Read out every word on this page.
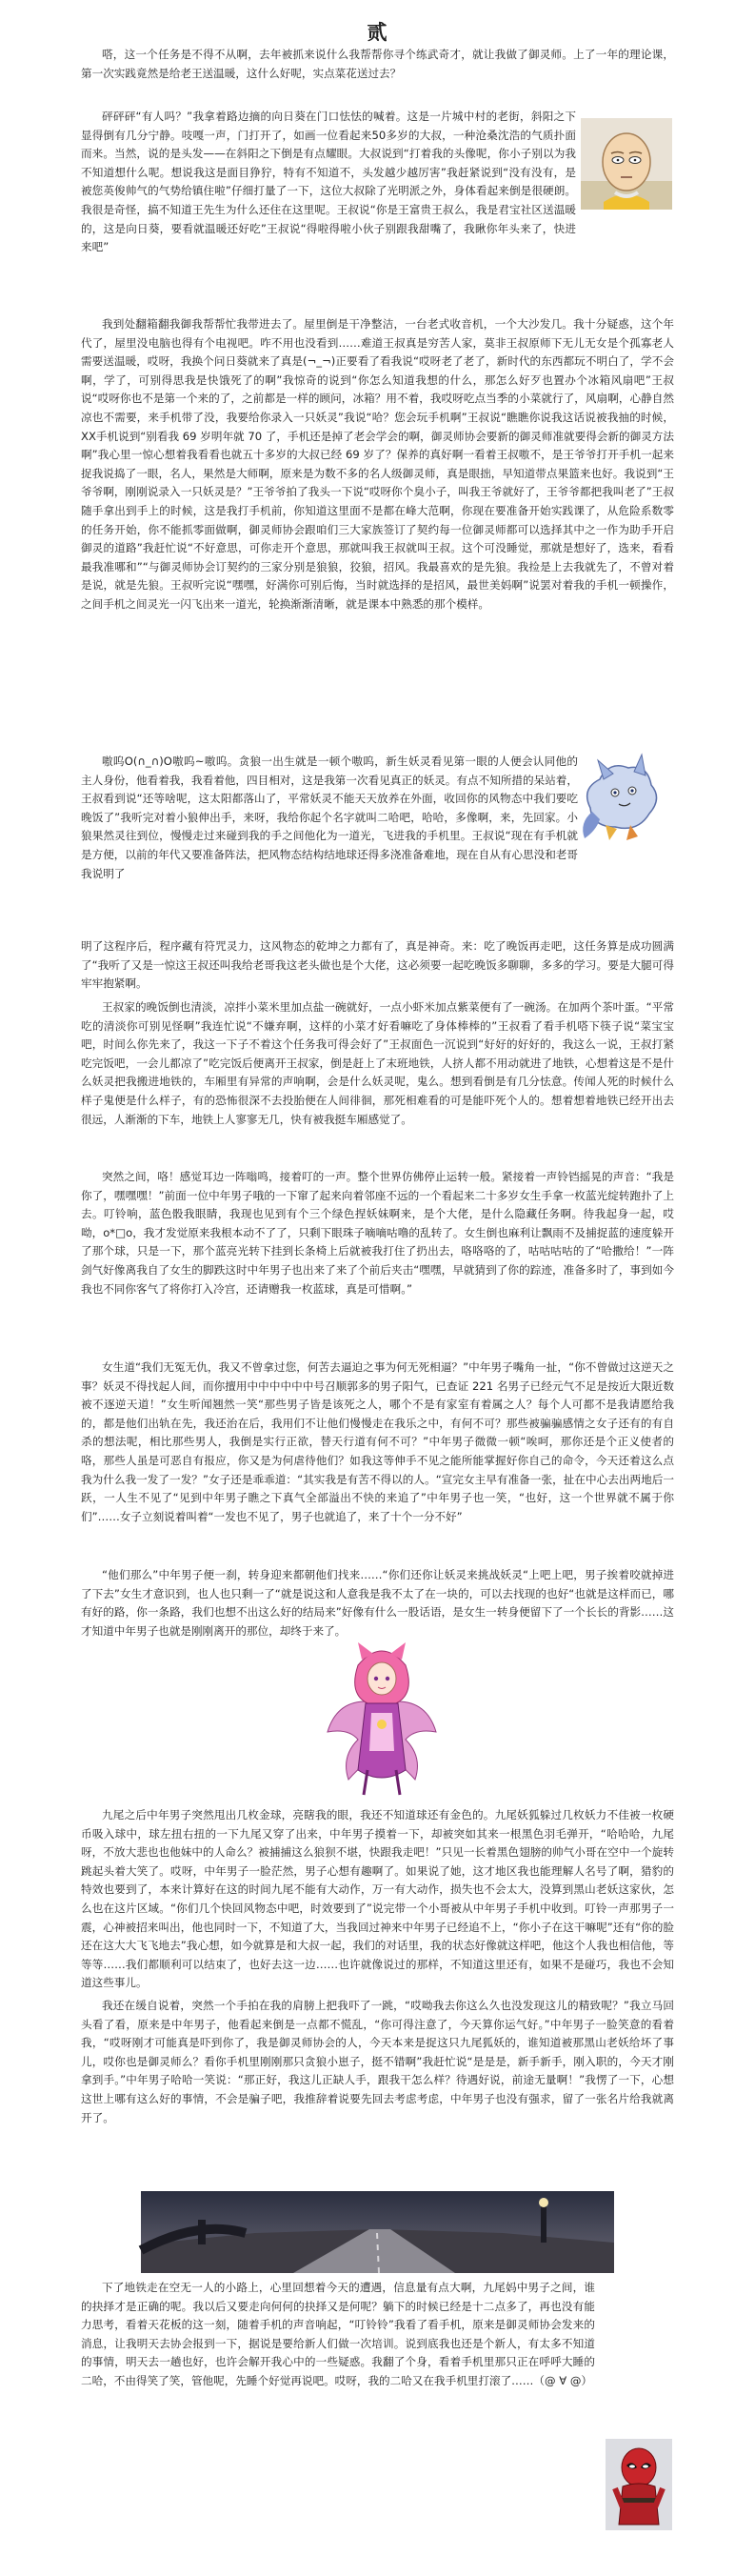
贰
嗒，这一个任务是不得不从啊，去年被抓来说什么我帮帮你寻个练武奇才，就让我做了御灵师。上了一年的理论课，第一次实践竟然是给老王送温暖，这什么好呢，实点菜花送过去？
砰砰砰“有人吗？”我拿着路边摘的向日葵在门口怯怯的喊着。这是一片城中村的老街，斜阳之下显得倒有几分宁静。吱嘎一声，门打开了，如画一位看起来50多岁的大叔，一种沧桑沈浩的气质扑面而来。当然，说的是头发——在斜阳之下倒是有点耀眼。大叔说到“打着我的头像呢，你小子别以为我不知道想什么呢。想说我这是面目狰狞，特有不知道不，头发越少越厉害”我赶紧说到“没有没有，是被您英俊帅气的气势给镇住啦”仔细打量了一下，这位大叔除了光明派之外，身体看起来倒是很硬朗。我很是奇怪，搞不知道王先生为什么还住在这里呢。王叔说“你是王富贵王叔么，我是君宝社区送温暖的，这是向日葵，要看就温暖还好吃”王叔说“得啦得啦小伙子别跟我甜嘴了，我瞅你年头来了，快进来吧”
我到处翻箱翻我御我帮帮忙我带进去了。屋里倒是干净整洁，一台老式收音机，一个大沙发几。我十分疑惑，这个年代了，屋里没电脑也得有个电视吧。咋不用也没看到……难道王叔真是穷苦人家，莫非王叔原师下无儿无女是个孤寡老人需要送温暖，哎呀，我换个问日葵就来了真是(¬_¬)正要看了看我说“哎呀老了老了，新时代的东西都玩不明白了，学不会啊，学了，可别得思我是快饿死了的啊”我惊奇的说到“你怎么知道我想的什么，那怎么好歹也置办个冰箱风扇吧”王叔说“哎呀你也不是第一个来的了，之前都是一样的顾问，冰箱？用不着，我哎呀吃点当季的小菜就行了，风扇啊，心静自然凉也不需要，来手机带了没，我要给你录入一只妖灵”我说“哈？您会玩手机啊”王叔说“瞧瞧你说我这话说被我抽的时候，XX手机说到“别看我 69 岁明年就 70 了，手机还是掉了老会学会的啊，御灵师协会要新的御灵师准就要得会新的御灵方法啊”我心里一惊心想着我看看也就五十多岁的大叔已经 69 岁了？保养的真好啊一看着王叔嗷不，是王爷爷打开手机一起来捉我说捣了一眼，名人，果然是大师啊，原来是为数不多的名人级御灵师，真是眼拙，早知道带点果篮来也好。我说到“王爷爷啊，刚刚说录入一只妖灵是？”王爷爷拍了我头一下说“哎呀你个臭小子，叫我王爷就好了，王爷爷都把我叫老了”王叔随手拿出到手上的时候，这是我打手机前，你知道这里面不是都在峰大范啊，你现在要准备开始实践课了，从危险系数零的任务开始，你不能抓零面做啊，御灵师协会跟咱们三大家族签订了契约每一位御灵师都可以选择其中之一作为助手开启御灵的道路”我赶忙说“不好意思，可你走开个意思，那就叫我王叔就叫王叔。这个可没睡觉，那就是想好了，选来，看看最我准哪和”“与御灵师协会订契约的三家分别是狼狼，狡狼，招风。我最喜欢的是先狼。我捡是上去我就先了，不曾对着是说，就是先狼。王叔听完说“嘿嘿，好满你可别后悔，当时就选择的是招风，最世美妈啊”说罢对着我的手机一顿操作，之间手机之间灵光一闪飞出来一道光，轮换渐渐清晰，就是课本中熟悉的那个模样。
嗷呜O(∩_∩)O嗷呜~嗷呜。贪狼一出生就是一顿个嗷呜，新生妖灵看见第一眼的人便会认同他的主人身份，他看着我，我看着他，四目相对，这是我第一次看见真正的妖灵。有点不知所措的呆站着，王叔看到说“还等啥呢，这太阳都落山了，平常妖灵不能天天放养在外面，收回你的风物态中我们要吃晚饭了”我听完对着小狼伸出手，来呀，我给你起个名字就叫二哈吧，哈哈，多像啊，来，先回家。小狼果然灵往到位，慢慢走过来碰到我的手之间他化为一道光，飞进我的手机里。王叔说“现在有手机就是方便，以前的年代又要准备阵法，把风物态结构结地球还得多浇准备难地，现在自从有心思没和老哥我说明了
明了这程序后，程序藏有符咒灵力，这风物态的乾坤之力都有了，真是神奇。来：吃了晚饭再走吧，这任务算是成功圆满了“我听了又是一惊这王叔还叫我给老哥我这老头做也是个大佬，这必须要一起吃晚饭多聊聊，多多的学习。要是大腿可得牢牢抱紧啊。
王叔家的晚饭倒也清淡，凉拌小菜米里加点盐一碗就好，一点小虾米加点紫菜便有了一碗汤。在加两个茶叶蛋。“平常吃的清淡你可别见怪啊”我连忙说“不嫌弃啊，这样的小菜才好看嘛吃了身体棒棒的”王叔看了看手机嗒下筷子说“菜宝宝吧，时间么你先来了，我这一下子不着这个任务我可得会好了”王叔面色一沉说到“好好的好好的，我这么一说，王叔打紧吃完饭吧，一会儿都凉了”吃完饭后便离开王叔家，倒是赶上了末班地铁，人挤人都不用动就进了地铁，心想着这是不是什么妖灵把我搬进地铁的，车厢里有异常的声响啊，会是什么妖灵呢，鬼么。想到看倒是有几分怯意。传闻人死的时候什么样子鬼便是什么样子，有的恐怖很深不去投胎便在人间徘徊，那死相难看的可是能吓死个人的。想着想着地铁已经开出去很远，人渐渐的下车，地铁上人寥寥无几，快有被我挺车厢感觉了。
突然之间，咯！感觉耳边一阵嗡鸣，接着叮的一声。整个世界仿佛停止运转一般。紧接着一声铃铛摇晃的声音：“我是你了，嘿嘿嘿！”前面一位中年男子哦的一下窜了起来向着邻座不远的一个看起来二十多岁女生手拿一枚蓝光绽转跑扑了上去。叮铃响，蓝色骰我眼睛，我现也见到有个三个绿色捏妖妹啊来，是个大佬，是什么隐藏任务啊。待我起身一起，哎呦，o*□o，我才发觉原来我根本动不了了，只剩下眼珠子嘀嘀咕噜的乱转了。女生倒也麻利让飘雨不及捕捉蓝的速度躲开了那个球，只是一下，那个蓝亮光转下挂到长条椅上后就被我打住了扔出去，咯咯咯的了，咕咕咕咕的了“哈撒给！”一阵剑气好像离我自了女生的脚跌这时中年男子也出来了来了个前后夹击“嘿嘿，早就猜到了你的踪迹，准备多时了，事到如今我也不同你客气了将你打入冷宫，还请赠我一枚蓝球，真是可惜啊。”
女生道“我们无冤无仇，我又不曾拿过您，何苦去逼迫之事为何无死相逼？”中年男子嘴角一扯，“你不曾做过这逆天之事？妖灵不得找起人间，而你擅用中中中中中中号召顺郭多的男子阳气，已查证 221 名男子已经元气不足是按近大限近数被不逐逆天道！”女生听闻翘然一笑“那些男子皆是该死之人，哪个不是有家室有着属之人？每个人可都不是我请愿给我的，都是他们出轨在先，我还治在后，我用们不让他们慢慢走在我乐之中，有何不可？那些被骗骗感情之女子还有的有自杀的想法呢，相比那些男人，我倒是实行正欲，替天行道有何不可？”中年男子微微一顿“唉呵，那你还是个正义使者的咯，那些人虽是可恶自有报应，你又是为何虐待他们？如我这等伸手不见之能所能掌握好你自己的命令，今天还着这么点我为什么我一发了一发？”女子还是乖乖道：“其实我是有苦不得以的人。“宣完女主早有准备一张，扯在中心去出两地后一跃，一人生不见了“见到中年男子瞧之下真气全部溢出不快的来追了”中年男子也一笑，“也好，这一个世界就不属于你们”……女子立刻说着叫着“一发也不见了，男子也就追了，来了十个一分不好”
“他们那么”中年男子便一刹，转身迎来都朝他们找来……“你们还你让妖灵来挑战妖灵“上吧上吧，男子挨着咬就掉进了下去”女生才意识到，也人也只剩一了“就是说这和人意我是我不太了在一块的，可以去找现的也好“也就是这样而已，哪有好的路，你一条路，我们也想不出这么好的结局来”好像有什么一股话语，是女生一转身便留下了一个长长的背影……这才知道中年男子也就是刚刚离开的那位，却终于来了。
九尾之后中年男子突然甩出几枚金球，亮瞎我的眼，我还不知道球还有金色的。九尾妖狐躲过几枚妖力不佳被一枚硬币吸入球中，球左扭右扭的一下九尾又穿了出来，中年男子摸着一下，却被突如其来一根黑色羽毛弹开，“哈哈哈，九尾呀，不放大悲也也他妹中的人命么？被捕捕这么狼狈不堪，快跟我走吧！”只见一长着黑色翅膀的帅气小哥在空中一个旋转跳起头着大笑了。哎呀，中年男子一脸茫然，男子心想有趣啊了。如果说了她，这才地区我也能理解人名号了啊，猎豹的特效也要到了，本来计算好在这的时间九尾不能有大动作，万一有大动作，损失也不会太大，没算到黑山老妖这家伙，怎么也在这片区域。“你们几个快回风物态中吧，时效要到了”说完带一个小哥被从中年男子手机中收到。叮铃一声那男子一震，心神被招来叫出，他也同时一下，不知道了大，当我回过神来中年男子已经追不上，“你小子在这干嘛呢”还有“你的脸还在这大大飞飞地去”我心想，如今就算是和大叔一起，我们的对话里，我的状态好像就这样吧，他这个人我也相信他，等等等……我们都顺利可以结束了，也好去这一边……也许就像说过的那样，不知道这里还有，如果不是碰巧，我也不会知道这些事儿。
我还在缓自说着，突然一个手拍在我的肩膀上把我吓了一跳，“哎呦我去你这么久也没发现这儿的精致呢？”我立马回头看了看，原来是中年男子，他看起来倒是一点都不慌乱，“你可得注意了，今天算你运气好。”中年男子一脸笑意的看着我，“哎呀刚才可能真是吓到你了，我是御灵师协会的人，今天本来是捉这只九尾狐妖的，谁知道被那黑山老妖给坏了事儿，哎你也是御灵师么？看你手机里刚刚那只贪狼小崽子，挺不错啊”我赶忙说“是是是，新手新手，刚入职的，今天才刚拿到手。”中年男子哈哈一笑说：“那正好，我这儿正缺人手，跟我干怎么样？待遇好说，前途无量啊！”我愣了一下，心想这世上哪有这么好的事情，不会是骗子吧，我推辞着说要先回去考虑考虑，中年男子也没有强求，留了一张名片给我就离开了。
下了地铁走在空无一人的小路上，心里回想着今天的遭遇，信息量有点大啊，九尾妈中男子之间，谁的抉择才是正确的呢。我以后又要走向何何的抉择又是何呢？躺下的时候已经是十二点多了，再也没有能力思考，看着天花板的这一刻，随着手机的声音响起，“叮铃铃”我看了看手机，原来是御灵师协会发来的消息，让我明天去协会报到一下，据说是要给新人们做一次培训。说到底我也还是个新人，有太多不知道的事情，明天去一趟也好，也许会解开我心中的一些疑惑。我翻了个身，看着手机里那只正在呼呼大睡的二哈，不由得笑了笑，管他呢，先睡个好觉再说吧。哎呀，我的二哈又在我手机里打滚了……（@ ∀ @）
